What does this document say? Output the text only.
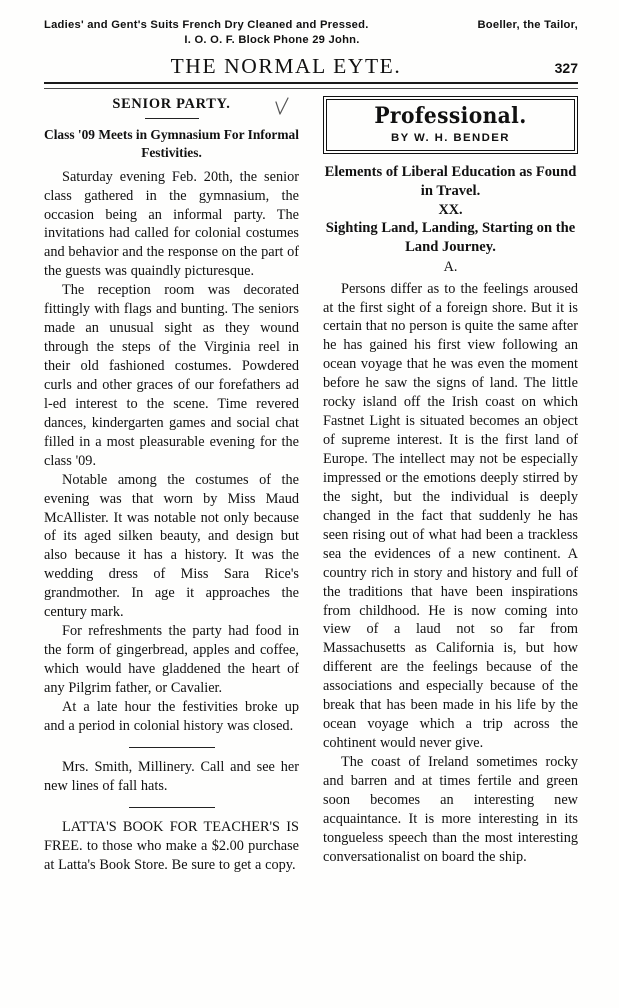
Ladies' and Gent's Suits French Dry Cleaned and Pressed.	Boeller, the Tailor,
I. O. O. F. Block Phone 29 John.
THE NORMAL EYTE.	327
SENIOR PARTY.
Class '09 Meets in Gymnasium For Informal Festivities.

Saturday evening Feb. 20th, the senior class gathered in the gymnasium, the occasion being an informal party. The invitations had called for colonial costumes and behavior and the response on the part of the guests was quaindly picturesque.

The reception room was decorated fittingly with flags and bunting. The seniors made an unusual sight as they wound through the steps of the Virginia reel in their old fashioned costumes. Powdered curls and other graces of our forefathers ad l-ed interest to the scene. Time revered dances, kindergarten games and social chat filled in a most pleasurable evening for the class '09.

Notable among the costumes of the evening was that worn by Miss Maud McAllister. It was notable not only because of its aged silken beauty, and design but also because it has a history. It was the wedding dress of Miss Sara Rice's grandmother. In age it approaches the century mark.

For refreshments the party had food in the form of gingerbread, apples and coffee, which would have gladdened the heart of any Pilgrim father, or Cavalier.

At a late hour the festivities broke up and a period in colonial history was closed.

Mrs. Smith, Millinery. Call and see her new lines of fall hats.

LATTA'S BOOK FOR TEACHER'S IS FREE. to those who make a $2.00 purchase at Latta's Book Store. Be sure to get a copy.

Professional.
BY W. H. BENDER
Elements of Liberal Education as Found in Travel.
XX.
Sighting Land, Landing, Starting on the Land Journey.
A.

Persons differ as to the feelings aroused at the first sight of a foreign shore. But it is certain that no person is quite the same after he has gained his first view following an ocean voyage that he was even the moment before he saw the signs of land. The little rocky island off the Irish coast on which Fastnet Light is situated becomes an object of supreme interest. It is the first land of Europe. The intellect may not be especially impressed or the emotions deeply stirred by the sight, but the individual is deeply changed in the fact that suddenly he has seen rising out of what had been a trackless sea the evidences of a new continent. A country rich in story and history and full of the traditions that have been inspirations from childhood. He is now coming into view of a laud not so far from Massachusetts as California is, but how different are the feelings because of the associations and especially because of the break that has been made in his life by the ocean voyage which a trip across the cohtinent would never give.

The coast of Ireland sometimes rocky and barren and at times fertile and green soon becomes an interesting new acquaintance. It is more interesting in its tongueless speech than the most interesting conversationalist on board the ship.
